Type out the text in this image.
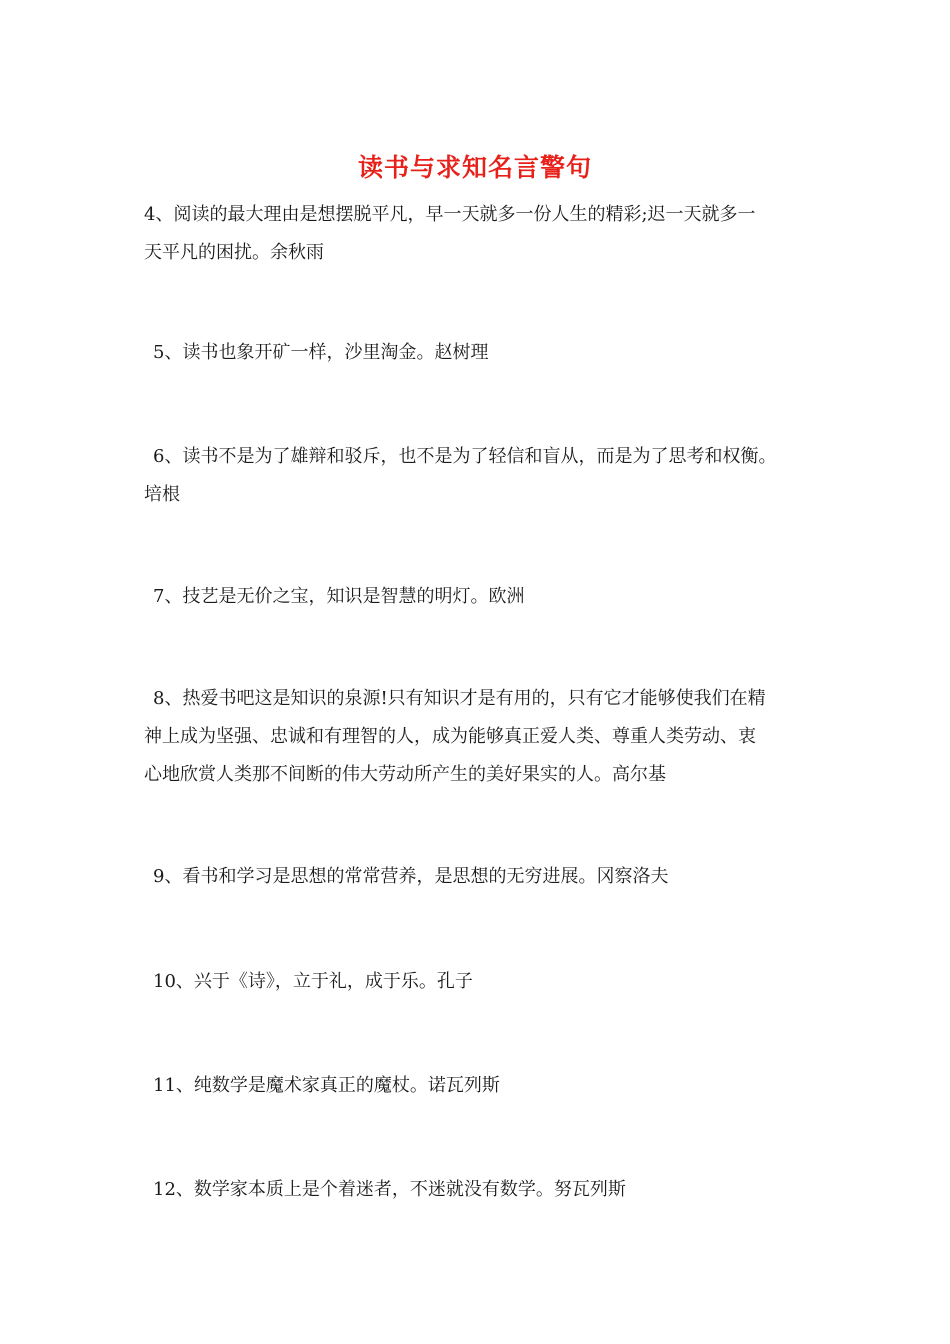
读书与求知名言警句

4、阅读的最大理由是想摆脱平凡，早一天就多一份人生的精彩;迟一天就多一
天平凡的困扰。余秋雨

5、读书也象开矿一样，沙里淘金。赵树理

6、读书不是为了雄辩和驳斥，也不是为了轻信和盲从，而是为了思考和权衡。
培根

7、技艺是无价之宝，知识是智慧的明灯。欧洲

8、热爱书吧这是知识的泉源!只有知识才是有用的，只有它才能够使我们在精
神上成为坚强、忠诚和有理智的人，成为能够真正爱人类、尊重人类劳动、衷
心地欣赏人类那不间断的伟大劳动所产生的美好果实的人。高尔基

9、看书和学习是思想的常常营养，是思想的无穷进展。冈察洛夫

10、兴于《诗》，立于礼，成于乐。孔子

11、纯数学是魔术家真正的魔杖。诺瓦列斯

12、数学家本质上是个着迷者，不迷就没有数学。努瓦列斯
